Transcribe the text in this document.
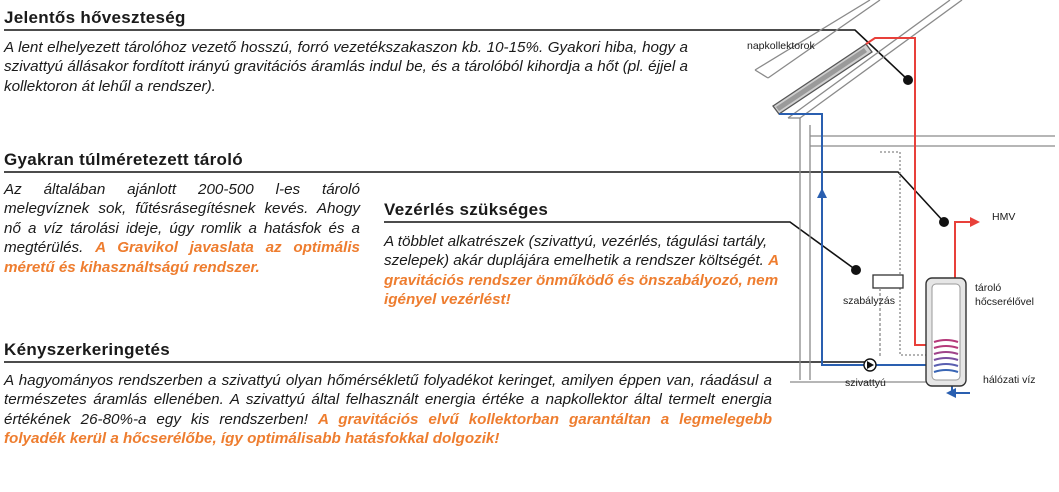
Jelentős hőveszteség

A lent elhelyezett tárolóhoz vezető hosszú, forró vezetékszakaszon kb. 10-15%. Gyakori hiba, hogy a szivattyú állásakor fordított irányú gravitációs áramlás indul be, és a tárolóból kihordja a hőt (pl. éjjel a kollektoron át lehűl a rendszer).

Gyakran túlméretezett tároló
Az általában ajánlott 200-500 l-es tároló melegvíznek sok, fűtésrásegítésnek kevés. Ahogy nő a víz tárolási ideje, úgy romlik a hatásfok és a megtérülés. A Gravikol javaslata az optimális méretű és kihasználtságú rendszer.
Vezérlés szükséges
A többlet alkatrészek (szivattyú, vezérlés, tágulási tartály, szelepek) akár duplájára emelhetik a rendszer költségét. A gravitációs rendszer önműködő és önszabályozó, nem igényel vezérlést!
Kényszerkeringetés
A hagyományos rendszerben a szivattyú olyan hőmérsékletű folyadékot keringet, amilyen éppen van, ráadásul a természetes áramlás ellenében. A szivattyú által felhasznált energia értéke a napkollektor által termelt energia értékének 26-80%-a egy kis rendszerben! A gravitációs elvű kollektorban garantáltan a legmelegebb folyadék kerül a hőcserélőbe, így optimálisabb hatásfokkal dolgozik!
napkollektorok
HMV
tároló
hőcserélővel
szabályzás
szivattyú	hálózati víz
